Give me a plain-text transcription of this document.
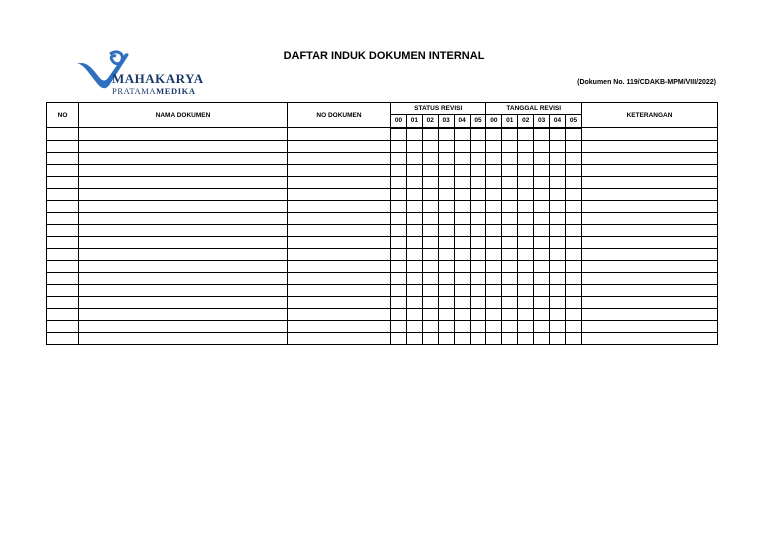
MAHAKARYA
PRATAMAMEDIKA
DAFTAR INDUK DOKUMEN INTERNAL
(Dokumen No. 119/CDAKB-MPM/VIII/2022)
NO	NAMA DOKUMEN	NO DOKUMEN	STATUS REVISI						TANGGAL REVISI						KETERANGAN
			00	01	02	03	04	05	00	01	02	03	04	05	
